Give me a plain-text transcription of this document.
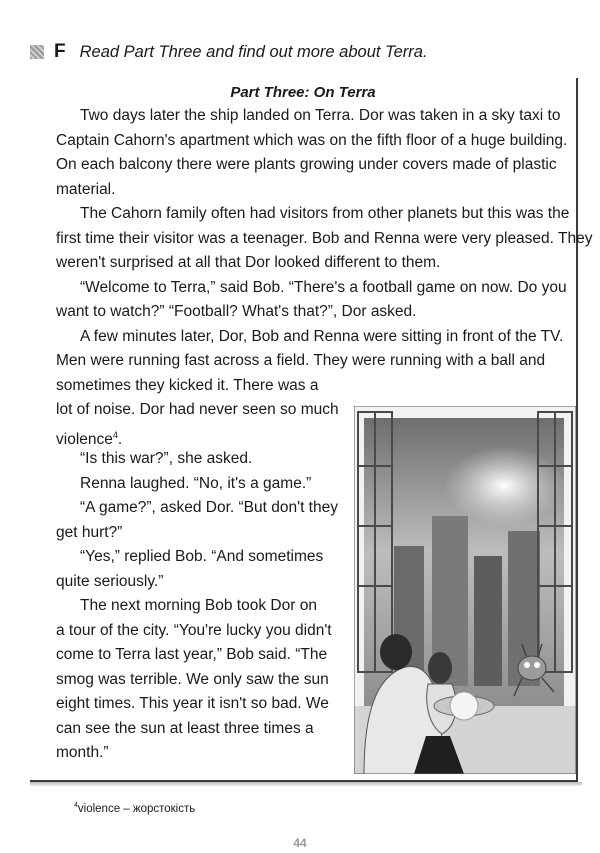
F Read Part Three and find out more about Terra.
Part Three: On Terra
Two days later the ship landed on Terra. Dor was taken in a sky taxi to
Captain Cahorn's apartment which was on the fifth floor of a huge building.
On each balcony there were plants growing under covers made of plastic
material.
The Cahorn family often had visitors from other planets but this was the
first time their visitor was a teenager. Bob and Renna were very pleased. They
weren't surprised at all that Dor looked different to them.
“Welcome to Terra,” said Bob. “There's a football game on now. Do you
want to watch?” “Football? What's that?”, Dor asked.
A few minutes later, Dor, Bob and Renna were sitting in front of the TV.
Men were running fast across a field. They were running with a ball and
sometimes they kicked it. There was a
lot of noise. Dor had never seen so much
violence$^4$.
“Is this war?”, she asked.
Renna laughed. “No, it's a game.”
“A game?”, asked Dor. “But don't they
get hurt?”
“Yes,” replied Bob. “And sometimes
quite seriously.”
The next morning Bob took Dor on
a tour of the city. “You're lucky you didn't
come to Terra last year,” Bob said. “The
smog was terrible. We only saw the sun
eight times. This year it isn't so bad. We
can see the sun at least three times a
month.”
$^4$violence – жорстокість
44
